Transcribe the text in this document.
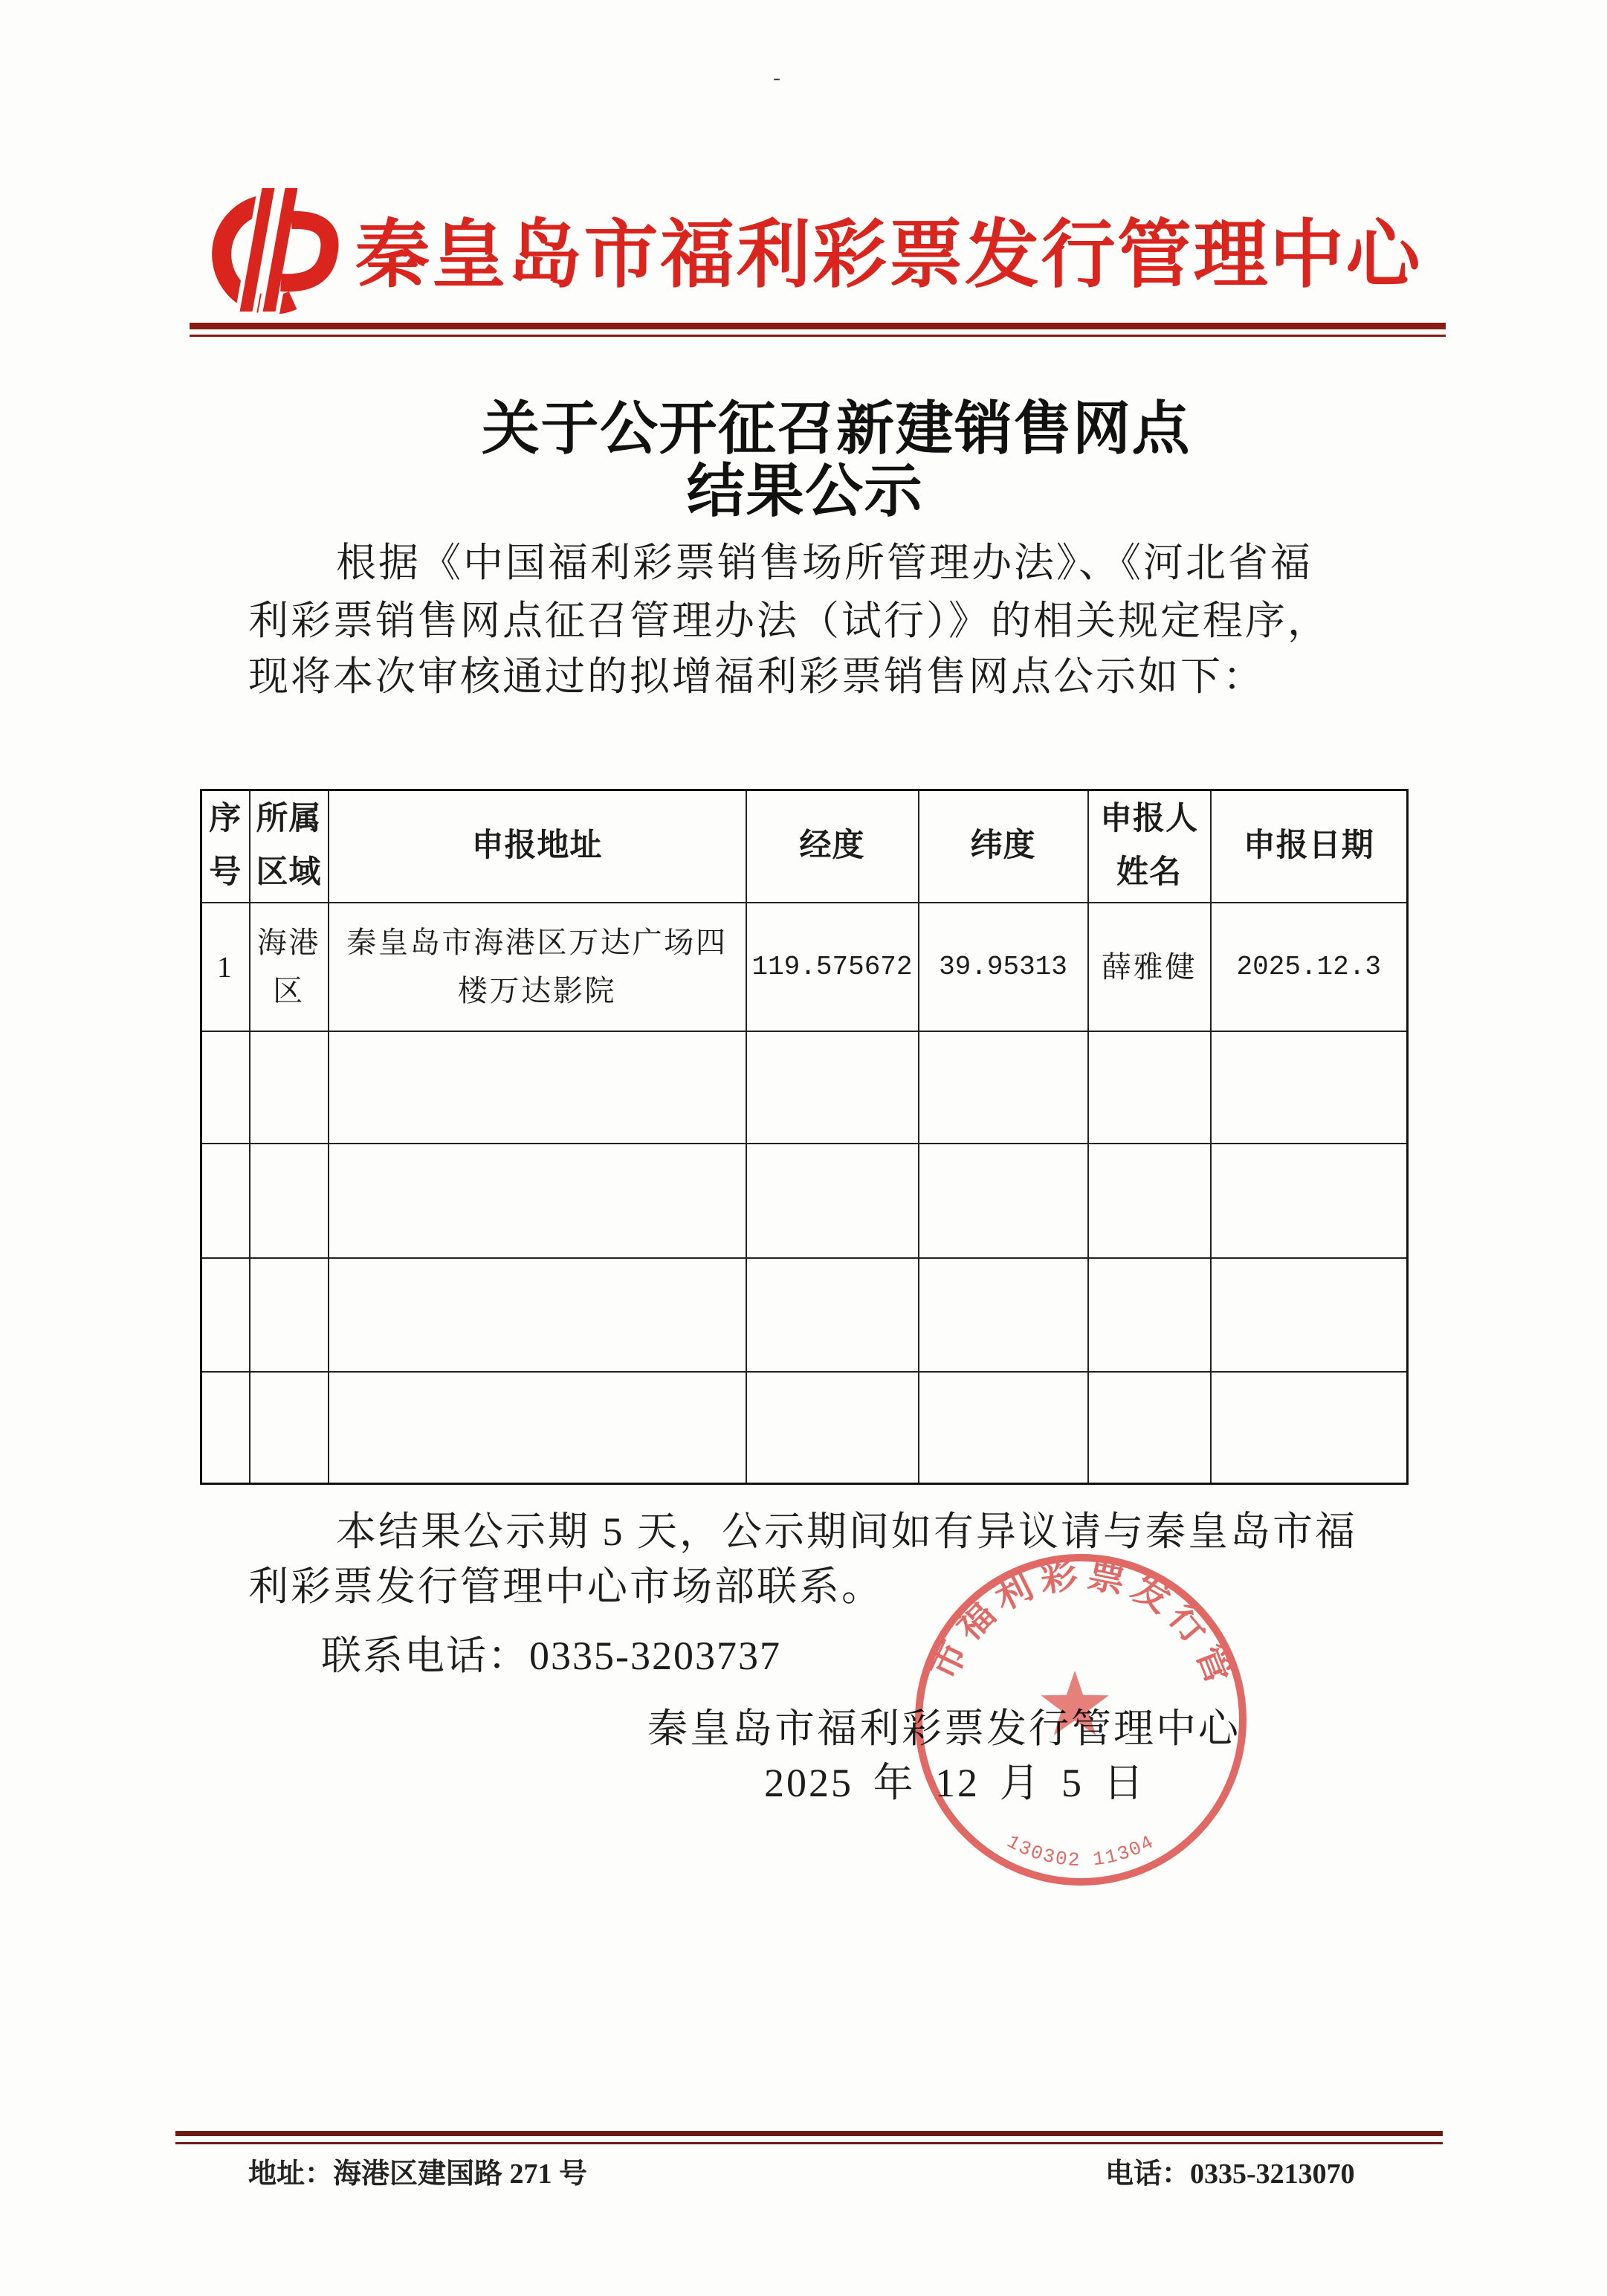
-
秦皇岛市福利彩票发行管理中心
关于公开征召新建销售网点
结果公示
根据《中国福利彩票销售场所管理办法》、《河北省福
利彩票销售网点征召管理办法（试行）》的相关规定程序，
现将本次审核通过的拟增福利彩票销售网点公示如下：
序号	所属区域	申报地址	经度	纬度	申报人姓名	申报日期
1	海港区	秦皇岛市海港区万达广场四楼万达影院	119.575672	39.95313	薛雅健	2025.12.3

本结果公示期 5 天，公示期间如有异议请与秦皇岛市福
利彩票发行管理中心市场部联系。
联系电话：0335-3203737
秦皇岛市福利彩票发行管理中心
2025 年 12 月 5 日
市福利彩票发行管
130302 11304
地址：海港区建国路 271 号	电话：0335-3213070
